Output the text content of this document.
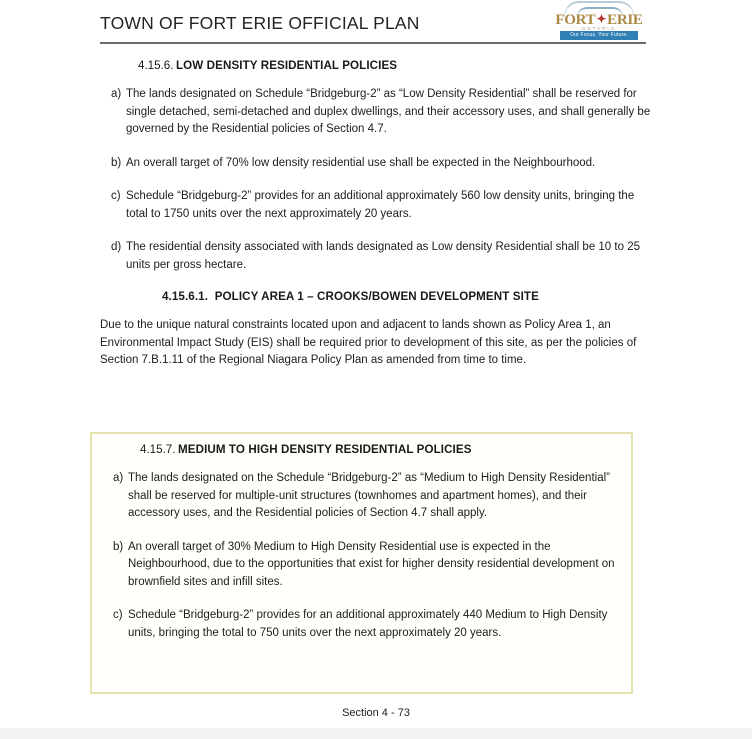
TOWN OF FORT ERIE OFFICIAL PLAN	FORT✦ERIE
ONTARIO
Our Focus. Your Future.
4.15.6. LOW DENSITY RESIDENTIAL POLICIES
a) The lands designated on Schedule “Bridgeburg-2” as “Low Density Residential” shall be reserved for single detached, semi-detached and duplex dwellings, and their accessory uses, and shall generally be governed by the Residential policies of Section 4.7.
b) An overall target of 70% low density residential use shall be expected in the Neighbourhood.
c) Schedule “Bridgeburg-2” provides for an additional approximately 560 low density units, bringing the total to 1750 units over the next approximately 20 years.
d) The residential density associated with lands designated as Low density Residential shall be 10 to 25 units per gross hectare.
4.15.6.1. POLICY AREA 1 – CROOKS/BOWEN DEVELOPMENT SITE
Due to the unique natural constraints located upon and adjacent to lands shown as Policy Area 1, an Environmental Impact Study (EIS) shall be required prior to development of this site, as per the policies of Section 7.B.1.11 of the Regional Niagara Policy Plan as amended from time to time.
4.15.7. MEDIUM TO HIGH DENSITY RESIDENTIAL POLICIES
a) The lands designated on the Schedule “Bridgeburg-2” as “Medium to High Density Residential” shall be reserved for multiple-unit structures (townhomes and apartment homes), and their accessory uses, and the Residential policies of Section 4.7 shall apply.
b) An overall target of 30% Medium to High Density Residential use is expected in the Neighbourhood, due to the opportunities that exist for higher density residential development on brownfield sites and infill sites.
c) Schedule “Bridgeburg-2” provides for an additional approximately 440 Medium to High Density units, bringing the total to 750 units over the next approximately 20 years.
Section 4 - 73
